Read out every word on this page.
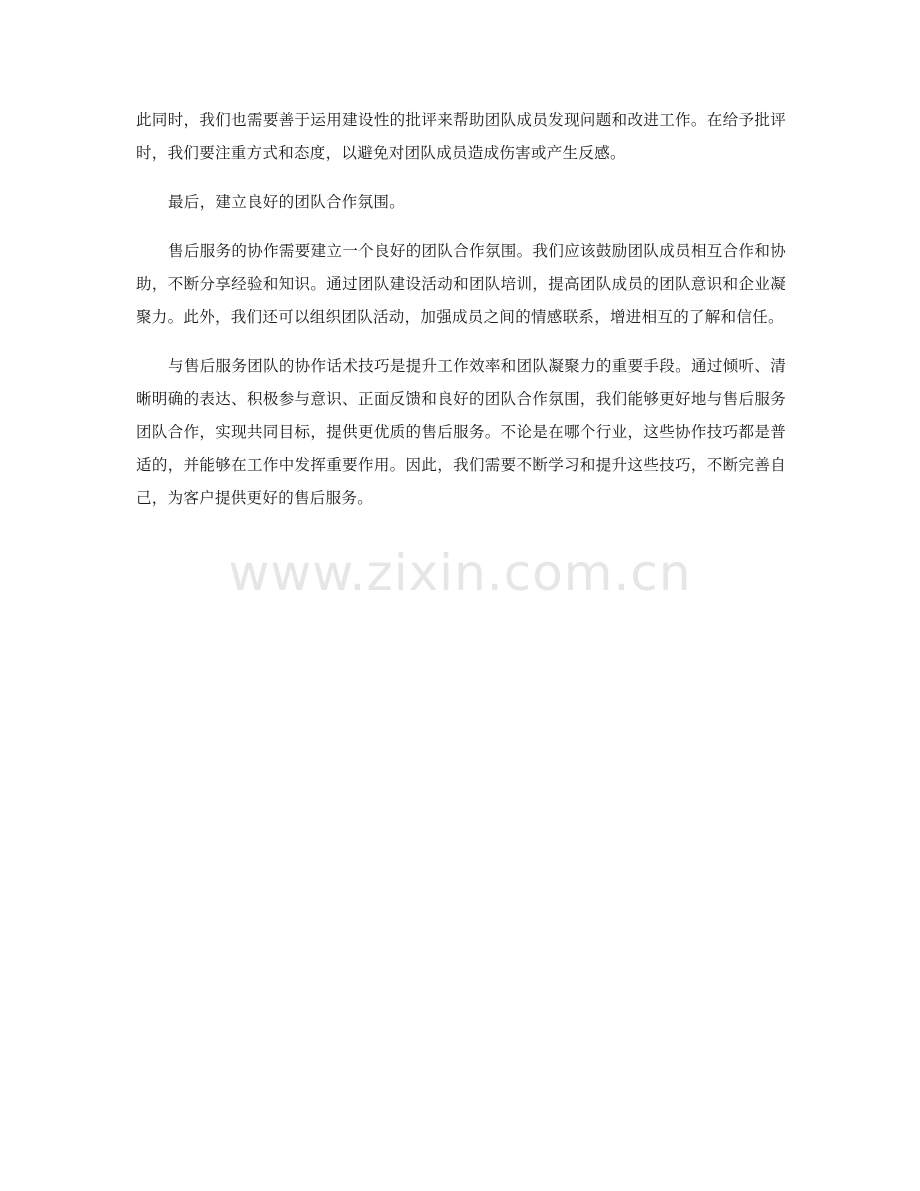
此同时，我们也需要善于运用建设性的批评来帮助团队成员发现问题和改进工作。在给予批评时，我们要注重方式和态度，以避免对团队成员造成伤害或产生反感。

最后，建立良好的团队合作氛围。

售后服务的协作需要建立一个良好的团队合作氛围。我们应该鼓励团队成员相互合作和协助，不断分享经验和知识。通过团队建设活动和团队培训，提高团队成员的团队意识和企业凝聚力。此外，我们还可以组织团队活动，加强成员之间的情感联系，增进相互的了解和信任。

与售后服务团队的协作话术技巧是提升工作效率和团队凝聚力的重要手段。通过倾听、清晰明确的表达、积极参与意识、正面反馈和良好的团队合作氛围，我们能够更好地与售后服务团队合作，实现共同目标，提供更优质的售后服务。不论是在哪个行业，这些协作技巧都是普适的，并能够在工作中发挥重要作用。因此，我们需要不断学习和提升这些技巧，不断完善自己，为客户提供更好的售后服务。

www.zixin.com.cn
